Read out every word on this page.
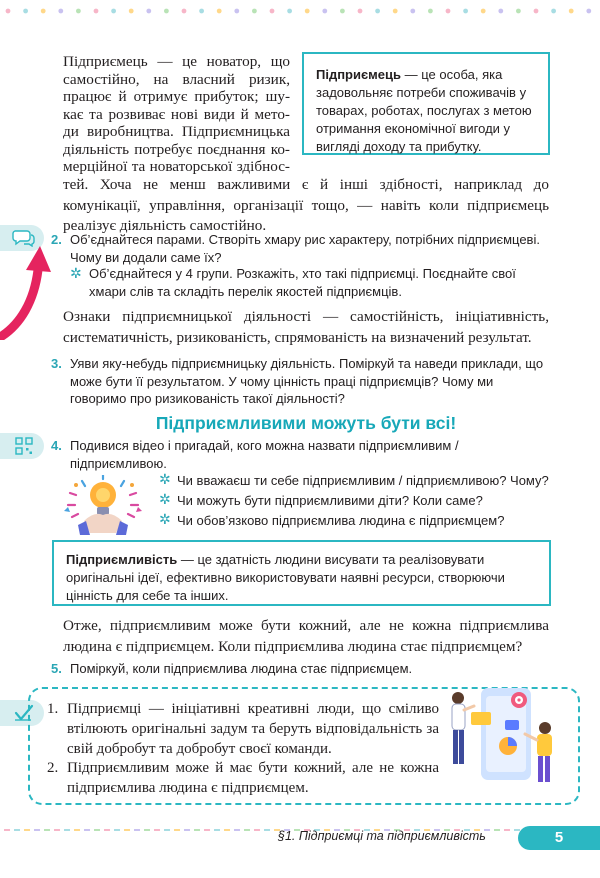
Підприємець — це особа, яка задовольняє потреби споживачів у товарах, роботах, послугах з метою отримання економічної вигоди у вигляді доходу та прибутку.
Підприємець — це новатор, що
самостійно, на власний ризик,
працює й отримує прибуток; шу-
кає та розвиває нові види й мето-
ди виробництва. Підприємницька
діяльність потребує поєднання ко-
мерційної та новаторської здібнос-
тей. Хоча не менш важливими є й інші здібності, наприклад до комунікації, управління, організації тощо, — навіть коли підприємець реалізує діяльність самостійно.
2. Об’єднайтеся парами. Створіть хмару рис характеру, потрібних підприємцеві. Чому ви додали саме їх?
✲ Об’єднайтеся у 4 групи. Розкажіть, хто такі підприємці. Поєднайте свої хмари слів та складіть перелік якостей підприємців.
Ознаки підприємницької діяльності — самостійність, ініціативність, систематичність, ризикованість, спрямованість на визначений результат.
3. Уяви яку-небудь підприємницьку діяльність. Поміркуй та наведи приклади, що може бути її результатом. У чому цінність праці підприємців? Чому ми говоримо про ризикованість такої діяльності?
Підприємливими можуть бути всі!
4. Подивися відео і пригадай, кого можна назвати підприємливим / підприємливою.
✲ Чи вважаєш ти себе підприємливим / підприємливою? Чому?
✲ Чи можуть бути підприємливими діти? Коли саме?
✲ Чи обов’язково підприємлива людина є підприємцем?
Підприємливість — це здатність людини висувати та реалізовувати оригінальні ідеї, ефективно використовувати наявні ресурси, створюючи цінність для себе та інших.
Отже, підприємливим може бути кожний, але не кожна підприємлива людина є підприємцем. Коли підприємлива людина стає підприємцем?
5. Поміркуй, коли підприємлива людина стає підприємцем.
1. Підприємці — ініціативні креативні люди, що сміливо втілюють оригінальні задум та беруть відповідальність за свій добробут та добробут своєї команди.
2. Підприємливим може й має бути кожний, але не кожна підприємлива людина є підприємцем.
§1. Підприємці та підприємливість	5
